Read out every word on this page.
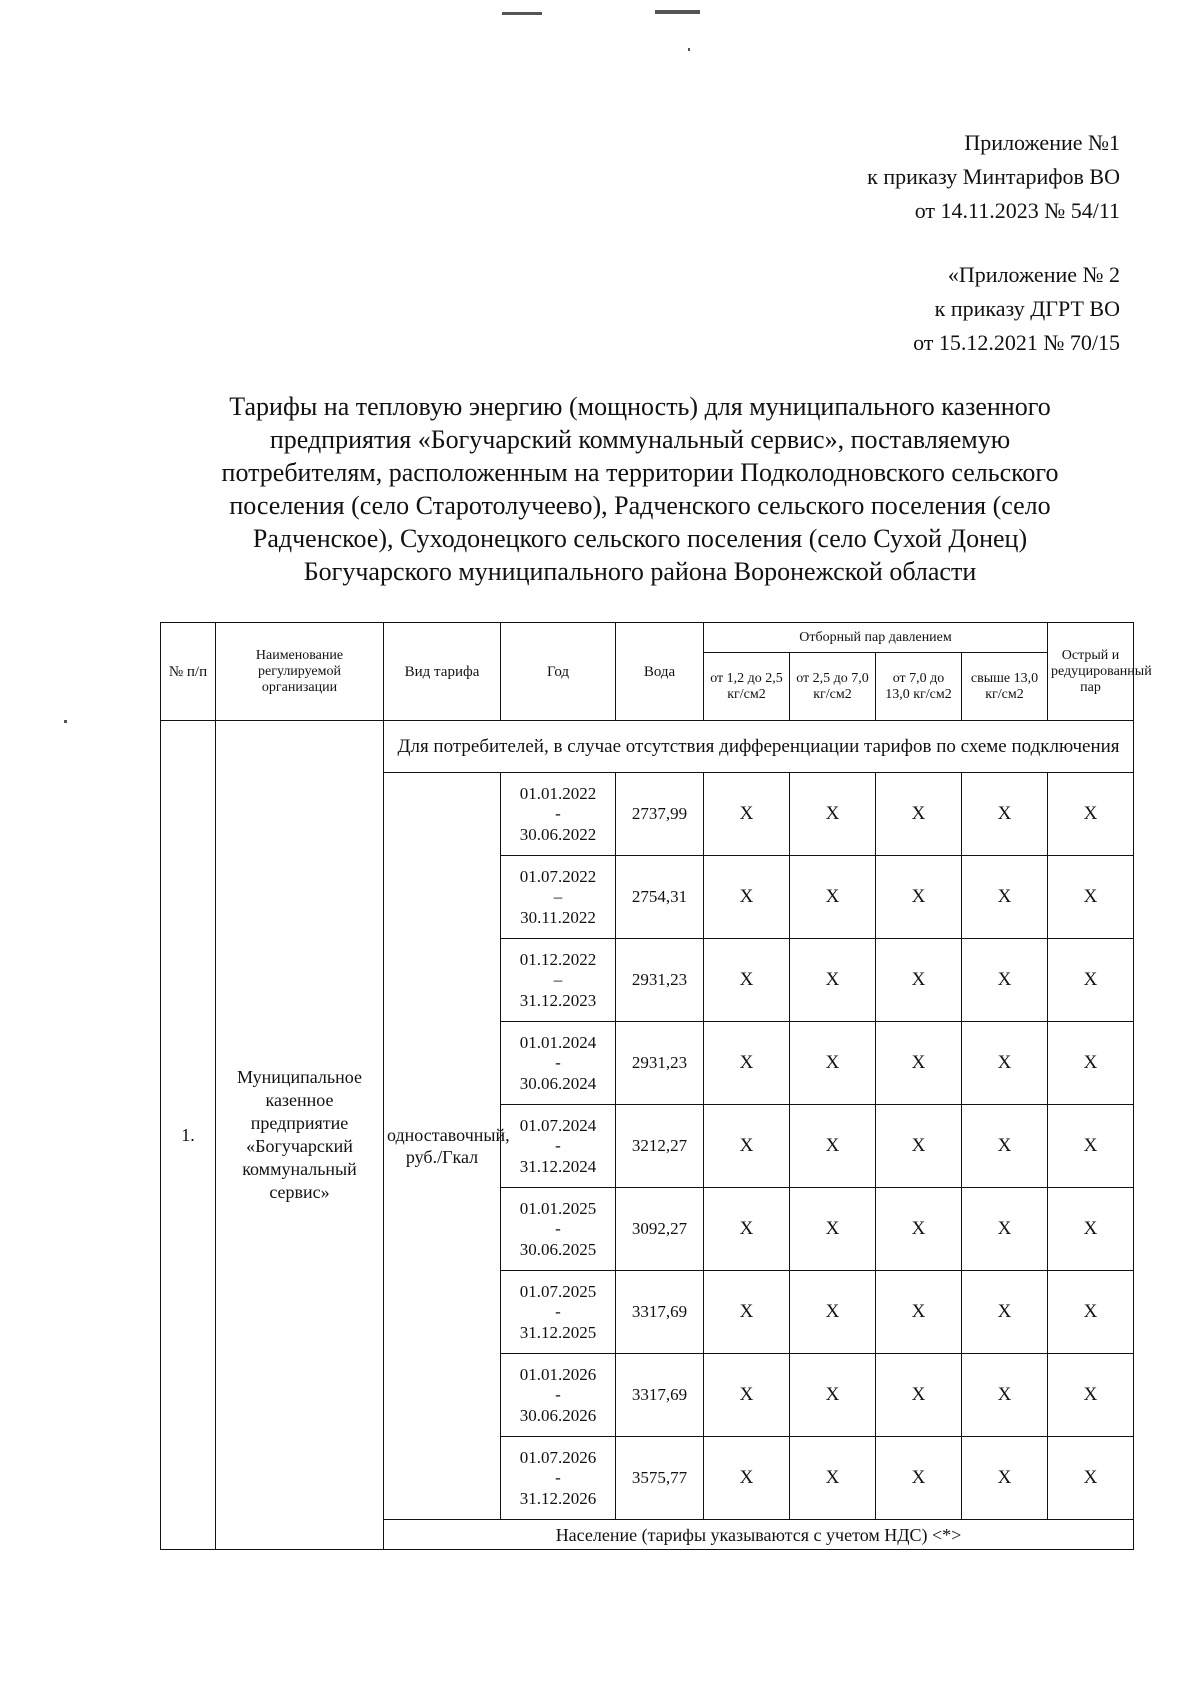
Приложение №1
к приказу Минтарифов ВО
от 14.11.2023 № 54/11
«Приложение № 2
к приказу ДГРТ ВО
от 15.12.2021 № 70/15
Тарифы на тепловую энергию (мощность) для муниципального казенного
предприятия «Богучарский коммунальный сервис», поставляемую
потребителям, расположенным на территории Подколодновского сельского
поселения (село Старотолучеево), Радченского сельского поселения (село
Радченское), Суходонецкого сельского поселения (село Сухой Донец)
Богучарского муниципального района Воронежской области
№ п/п	Наименование регулируемой организации	Вид тарифа	Год	Вода	Отборный пар давлением				Острый и редуцированный пар
					от 1,2 до 2,5 кг/см2	от 2,5 до 7,0 кг/см2	от 7,0 до 13,0 кг/см2	свыше 13,0 кг/см2	
1.	Муниципальное казенное предприятие «Богучарский коммунальный сервис»	Для потребителей, в случае отсутствия дифференциации тарифов по схеме подключения							
		одноставочный, руб./Гкал	01.01.2022
-
30.06.2022	2737,99	X	X	X	X	X
			01.07.2022
–
30.11.2022	2754,31	X	X	X	X	X
			01.12.2022
–
31.12.2023	2931,23	X	X	X	X	X
			01.01.2024
-
30.06.2024	2931,23	X	X	X	X	X
			01.07.2024
-
31.12.2024	3212,27	X	X	X	X	X
			01.01.2025
-
30.06.2025	3092,27	X	X	X	X	X
			01.07.2025
-
31.12.2025	3317,69	X	X	X	X	X
			01.01.2026
-
30.06.2026	3317,69	X	X	X	X	X
			01.07.2026
-
31.12.2026	3575,77	X	X	X	X	X
		Население (тарифы указываются с учетом НДС) <*>							
